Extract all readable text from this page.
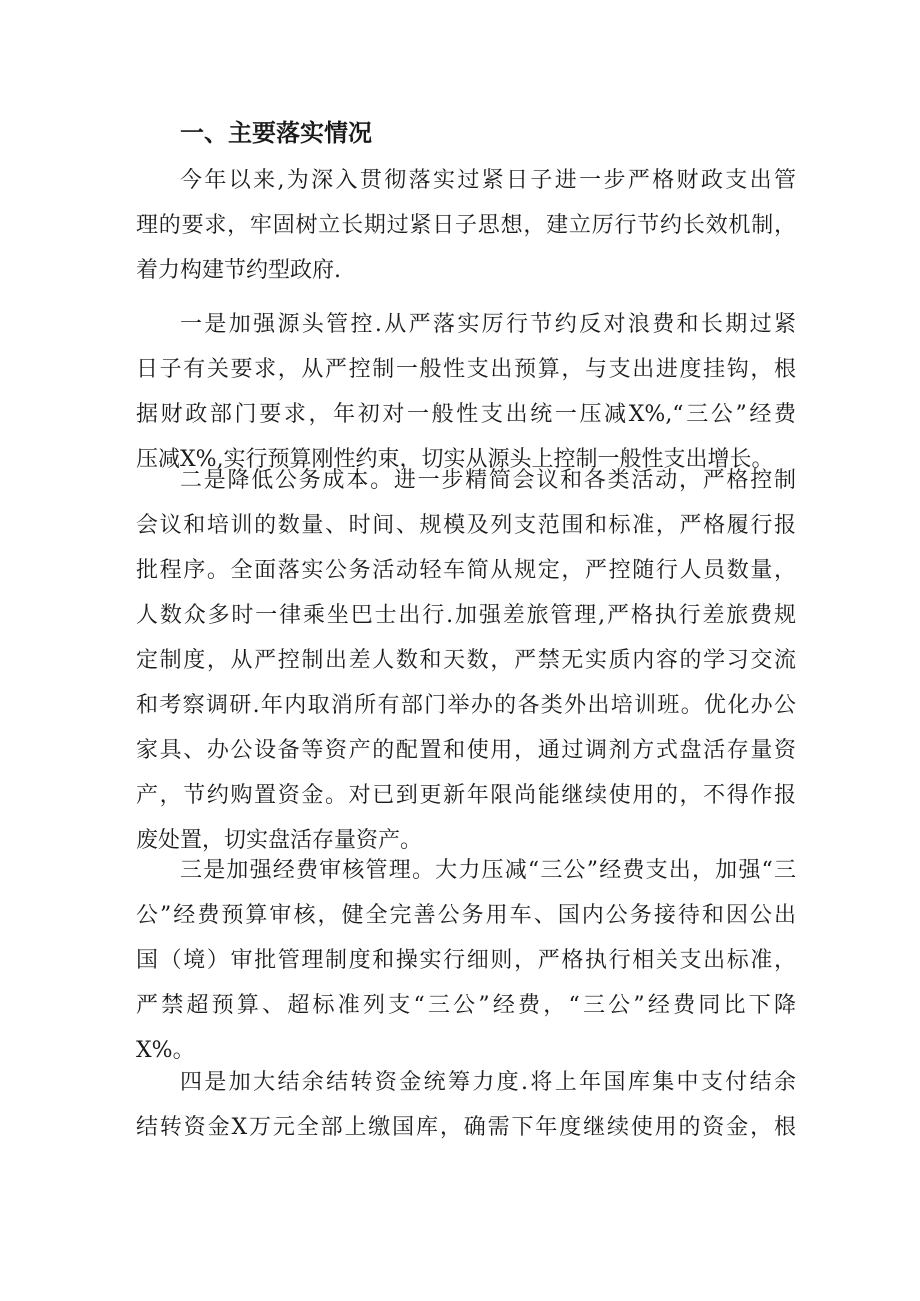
一、主要落实情况
今年以来,为深入贯彻落实过紧日子进一步严格财政支出管
理的要求，牢固树立长期过紧日子思想，建立厉行节约长效机制，
着力构建节约型政府.
一是加强源头管控.从严落实厉行节约反对浪费和长期过紧
日子有关要求，从严控制一般性支出预算，与支出进度挂钩，根
据财政部门要求，年初对一般性支出统一压减X%,“三公”经费
压减X%,实行预算刚性约束，切实从源头上控制一般性支出增长。
二是降低公务成本。进一步精简会议和各类活动，严格控制
会议和培训的数量、时间、规模及列支范围和标准，严格履行报
批程序。全面落实公务活动轻车简从规定，严控随行人员数量，
人数众多时一律乘坐巴士出行.加强差旅管理,严格执行差旅费规
定制度，从严控制出差人数和天数，严禁无实质内容的学习交流
和考察调研.年内取消所有部门举办的各类外出培训班。优化办公
家具、办公设备等资产的配置和使用，通过调剂方式盘活存量资
产，节约购置资金。对已到更新年限尚能继续使用的，不得作报
废处置，切实盘活存量资产。
三是加强经费审核管理。大力压减“三公”经费支出，加强“三
公”经费预算审核，健全完善公务用车、国内公务接待和因公出
国（境）审批管理制度和操实行细则，严格执行相关支出标准，
严禁超预算、超标准列支“三公”经费，“三公”经费同比下降
X%。
四是加大结余结转资金统筹力度.将上年国库集中支付结余
结转资金X万元全部上缴国库，确需下年度继续使用的资金，根
